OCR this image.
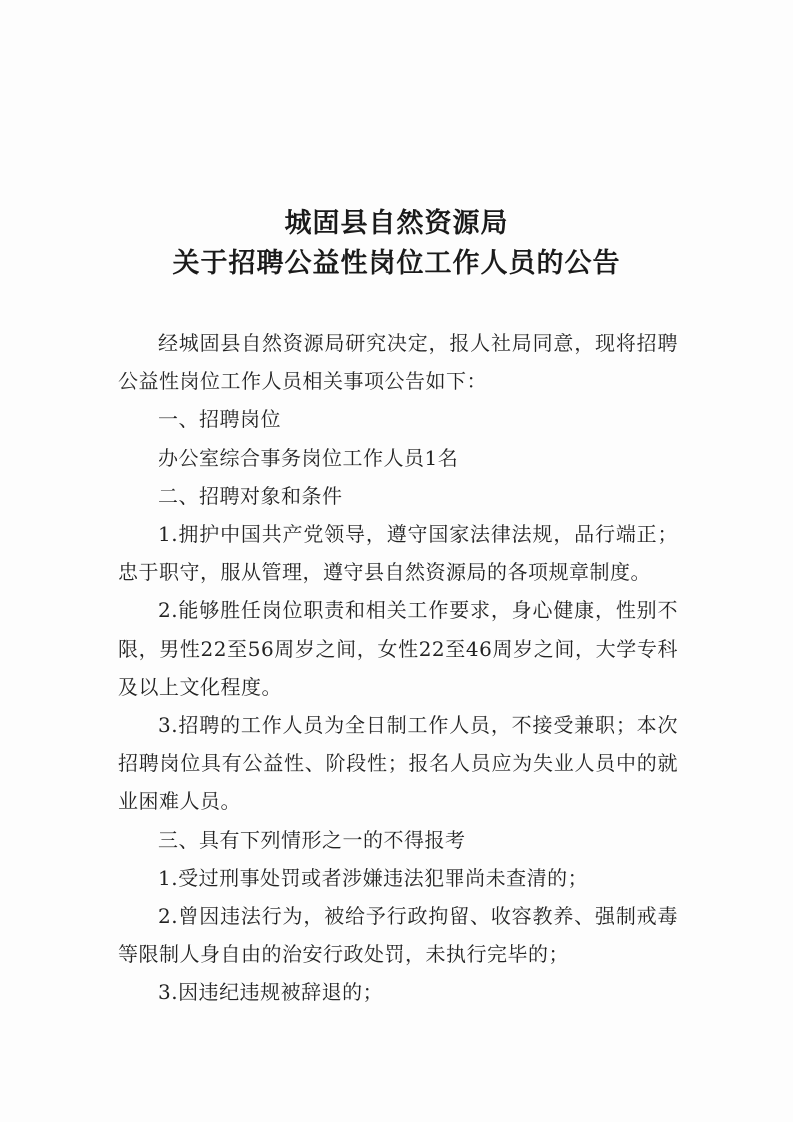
城固县自然资源局
关于招聘公益性岗位工作人员的公告

经城固县自然资源局研究决定，报人社局同意，现将招聘公益性岗位工作人员相关事项公告如下：

一、招聘岗位

办公室综合事务岗位工作人员1名

二、招聘对象和条件

1.拥护中国共产党领导，遵守国家法律法规，品行端正；忠于职守，服从管理，遵守县自然资源局的各项规章制度。

2.能够胜任岗位职责和相关工作要求，身心健康，性别不限，男性22至56周岁之间，女性22至46周岁之间，大学专科及以上文化程度。

3.招聘的工作人员为全日制工作人员，不接受兼职；本次招聘岗位具有公益性、阶段性；报名人员应为失业人员中的就业困难人员。

三、具有下列情形之一的不得报考

1.受过刑事处罚或者涉嫌违法犯罪尚未查清的；

2.曾因违法行为，被给予行政拘留、收容教养、强制戒毒等限制人身自由的治安行政处罚，未执行完毕的；

3.因违纪违规被辞退的；
